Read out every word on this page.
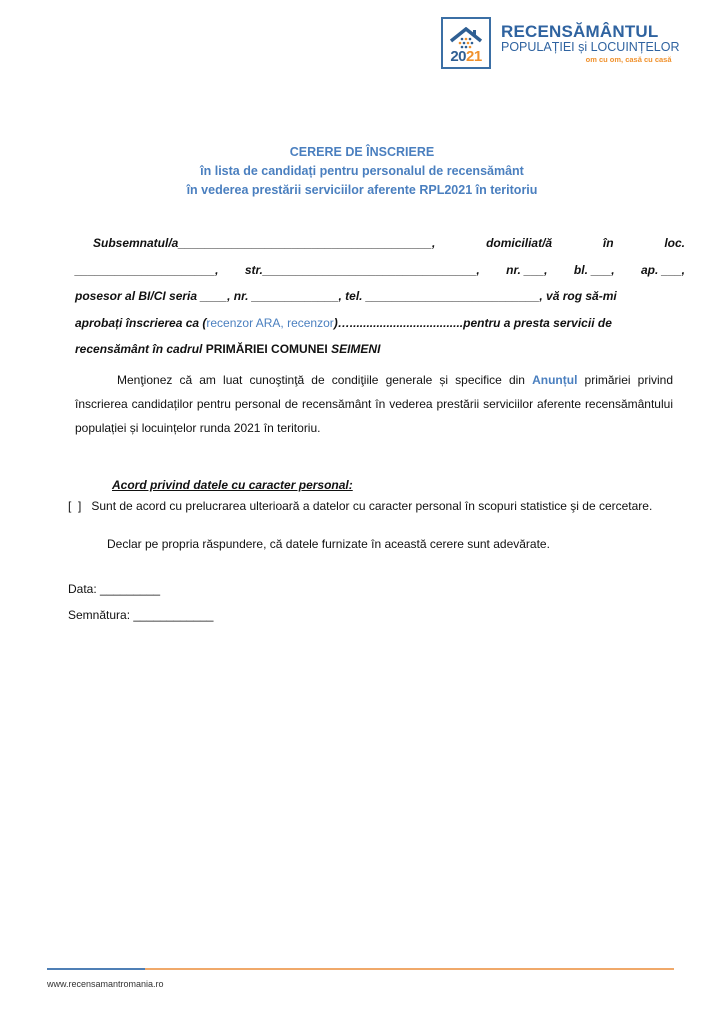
2021
RECENSĂMÂNTUL
POPULAȚIEI și LOCUINȚELOR
om cu om, casă cu casă
CERERE DE ÎNSCRIERE
în lista de candidați pentru personalul de recensământ
în vederea prestării serviciilor aferente RPL2021 în teritoriu
Subsemnatul/a______________________________________,	domiciliat/ă	în	loc.
_____________________, str.________________________________, nr. ___, bl. ___, ap. ___,
posesor al BI/CI seria ____, nr. _____________, tel. __________________________, vă rog să-mi
aprobați înscrierea ca (recenzor ARA, recenzor)…..................................pentru a presta servicii de
recensământ în cadrul PRIMĂRIEI COMUNEI SEIMENI
Menţionez că am luat cunoştinţă de condiţiile generale și specifice din Anunțul primăriei privind înscrierea candidaților pentru personal de recensământ în vederea prestării serviciilor aferente recensământului populației și locuințelor runda 2021 în teritoriu.
Acord privind datele cu caracter personal:
[  ] Sunt de acord cu prelucrarea ulterioară a datelor cu caracter personal în scopuri statistice şi de cercetare.
Declar pe propria răspundere, că datele furnizate în această cerere sunt adevărate.
Data: _________
Semnătura: ____________
www.recensamantromania.ro
